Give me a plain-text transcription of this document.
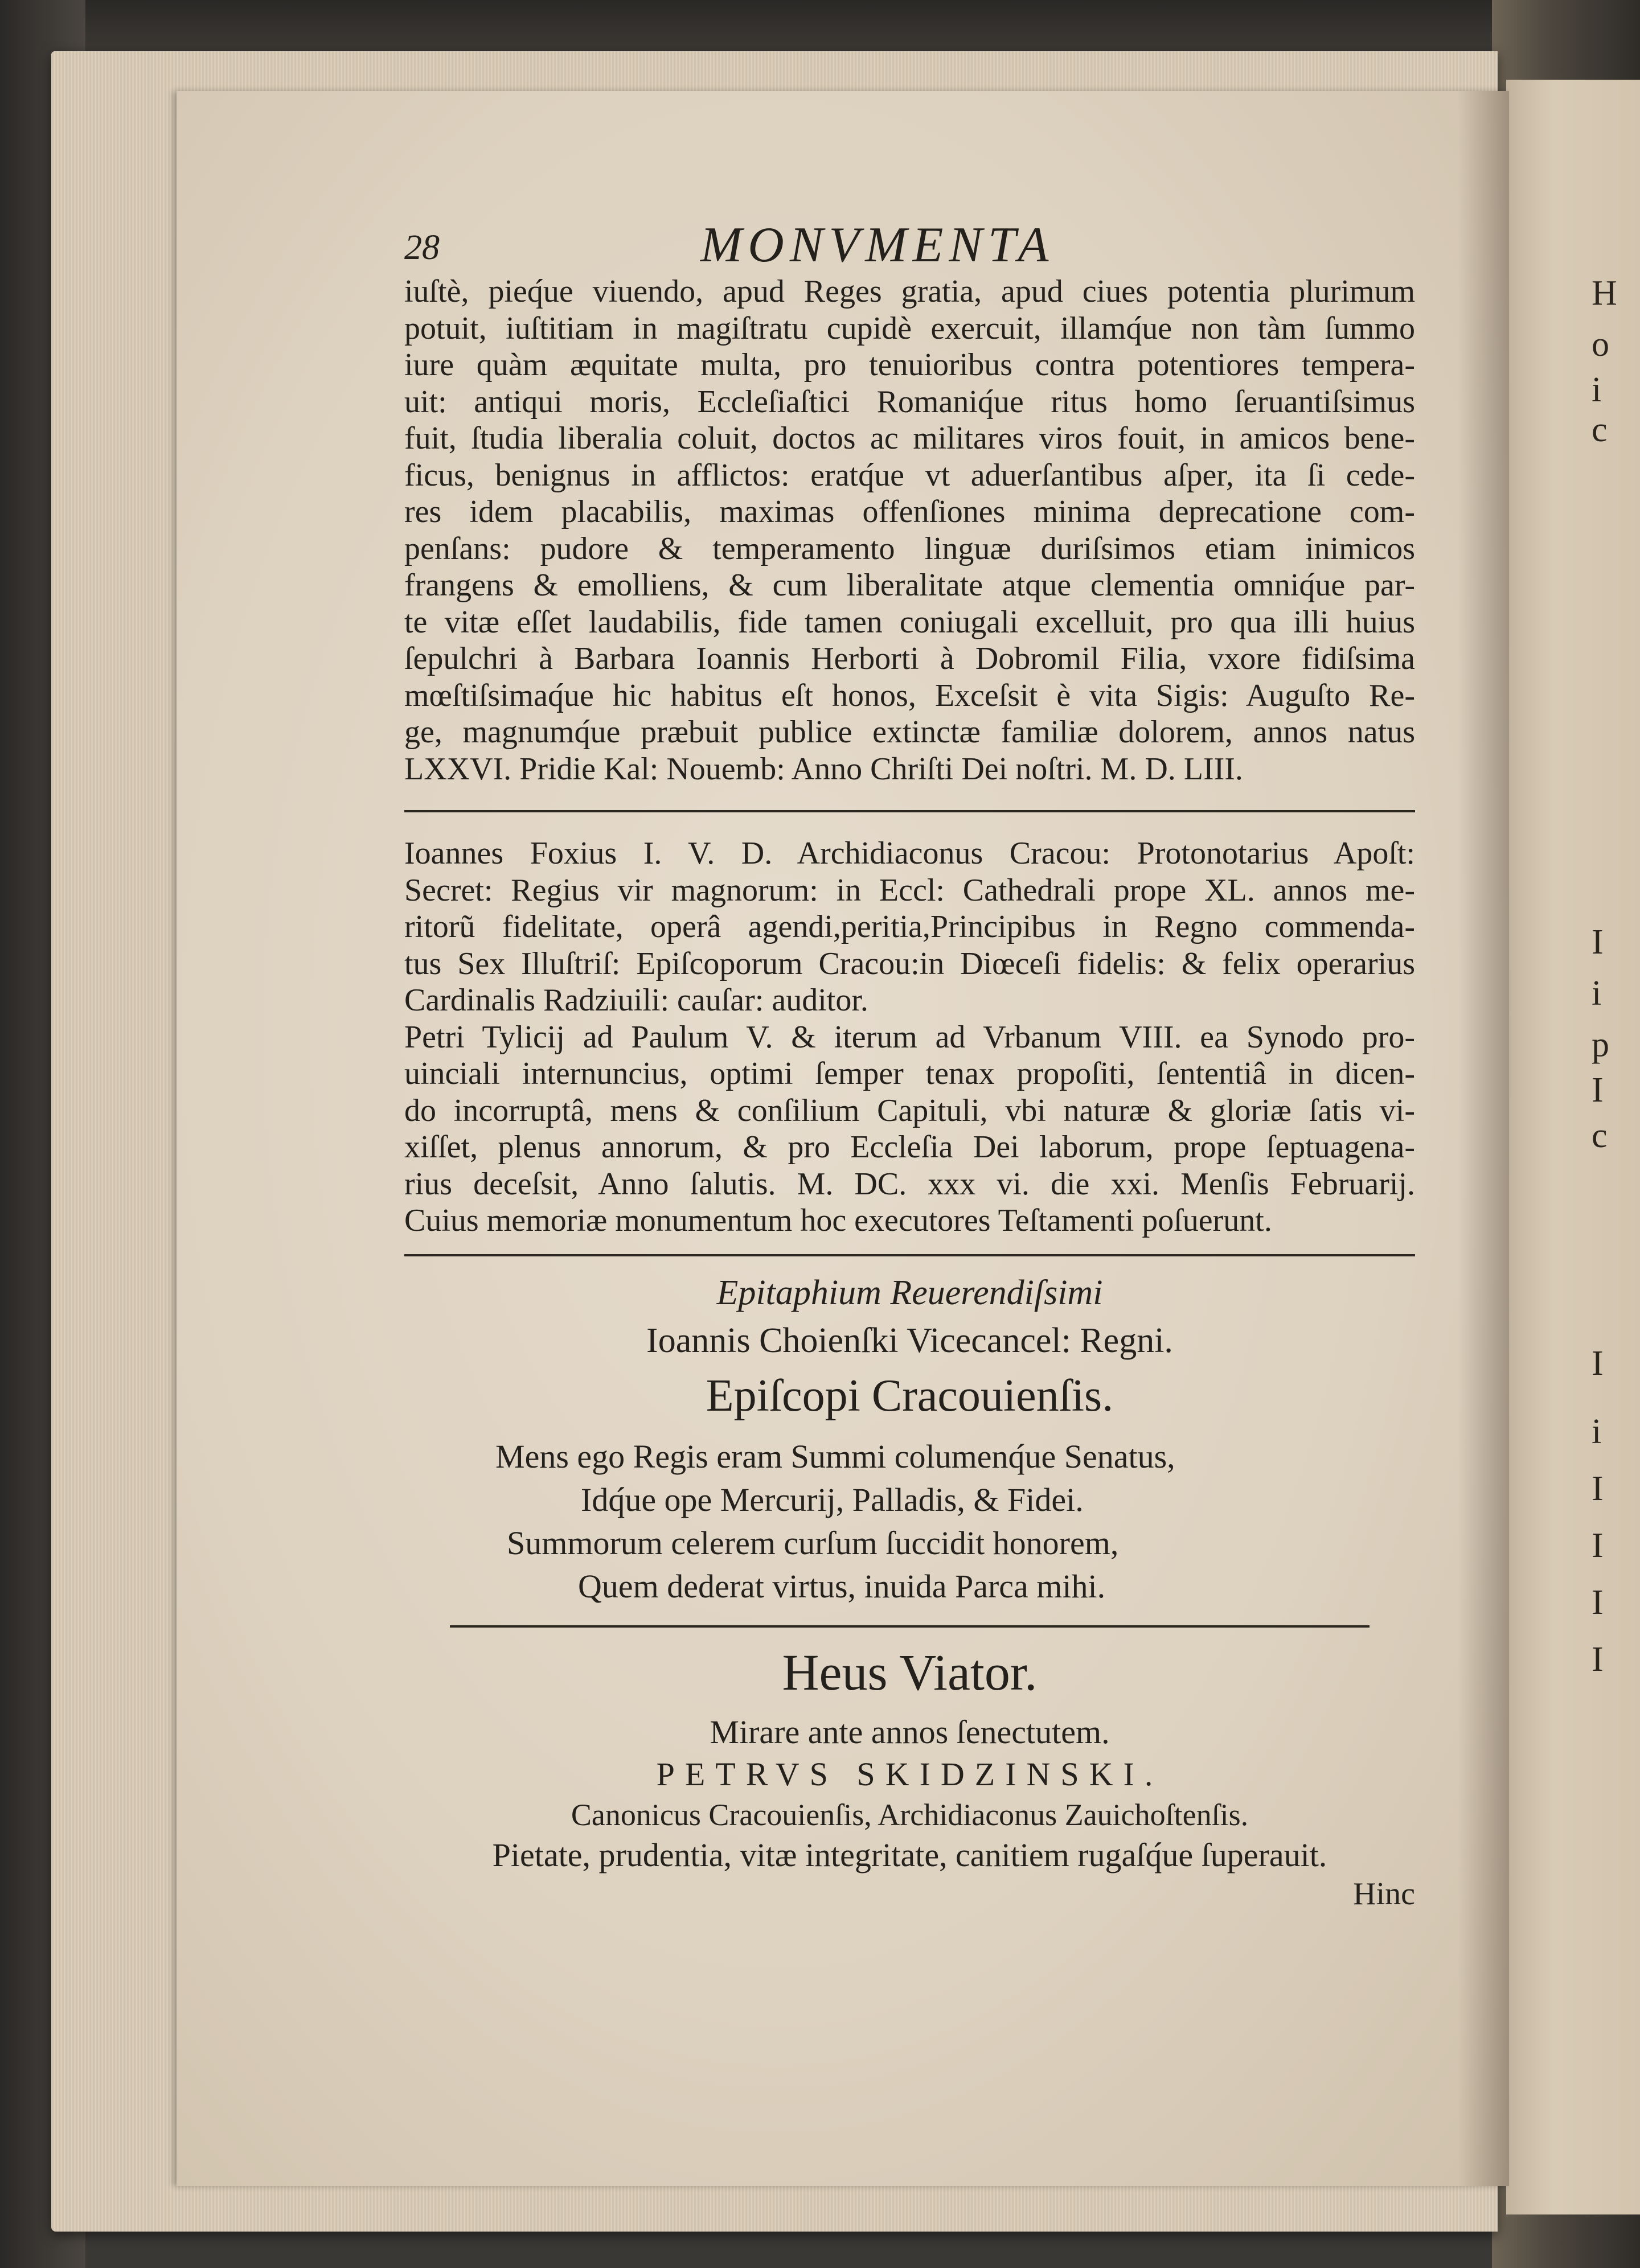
H
o
i
c
I
i
p
I
c
I
i
I
I
I
I
28	MONVMENTA
iuſtè, pieq́ue viuendo, apud Reges gratia, apud ciues potentia plurimum
potuit, iuſtitiam in magiſtratu cupidè exercuit, illamq́ue non tàm ſummo
iure quàm æquitate multa, pro tenuioribus contra potentiores tempera-
uit: antiqui moris, Eccleſiaſtici Romaniq́ue ritus homo ſeruantiſsimus
fuit, ſtudia liberalia coluit, doctos ac militares viros fouit, in amicos bene-
ficus, benignus in afflictos: eratq́ue vt aduerſantibus aſper, ita ſi cede-
res idem placabilis, maximas offenſiones minima deprecatione com-
penſans: pudore & temperamento linguæ duriſsimos etiam inimicos
frangens & emolliens, & cum liberalitate atque clementia omniq́ue par-
te vitæ eſſet laudabilis, fide tamen coniugali excelluit, pro qua illi huius
ſepulchri à Barbara Ioannis Herborti à Dobromil Filia, vxore fidiſsima
mœſtiſsimaq́ue hic habitus eſt honos, Exceſsit è vita Sigis: Auguſto Re-
ge, magnumq́ue præbuit publice extinctæ familiæ dolorem, annos natus
LXXVI. Pridie Kal: Nouemb: Anno Chriſti Dei noſtri. M. D. LIII.
Ioannes Foxius I. V. D. Archidiaconus Cracou: Protonotarius Apoſt:
Secret: Regius vir magnorum: in Eccl: Cathedrali prope XL. annos me-
ritorũ fidelitate, operâ agendi,peritia,Principibus in Regno commenda-
tus Sex Illuſtriſ: Epiſcoporum Cracou:in Diœceſi fidelis: & felix operarius
Cardinalis Radziuili: cauſar: auditor.
Petri Tylicij ad Paulum V. & iterum ad Vrbanum VIII. ea Synodo pro-
uinciali internuncius, optimi ſemper tenax propoſiti, ſententiâ in dicen-
do incorruptâ, mens & conſilium Capituli, vbi naturæ & gloriæ ſatis vi-
xiſſet, plenus annorum, & pro Eccleſia Dei laborum, prope ſeptuagena-
rius deceſsit, Anno ſalutis. M. DC. xxx vi. die xxi. Menſis Februarij.
Cuius memoriæ monumentum hoc executores Teſtamenti poſuerunt.
Epitaphium Reuerendiſsimi
Ioannis Choienſki Vicecancel: Regni.
Epiſcopi Cracouienſis.
Mens ego Regis eram Summi columenq́ue Senatus,
Idq́ue ope Mercurij, Palladis, & Fidei.
Summorum celerem curſum ſuccidit honorem,
Quem dederat virtus, inuida Parca mihi.
Heus Viator.
Mirare ante annos ſenectutem.
PETRVS SKIDZINSKI.
Canonicus Cracouienſis, Archidiaconus Zauichoſtenſis.
Pietate, prudentia, vitæ integritate, canitiem rugaſq́ue ſuperauit.
Hinc
